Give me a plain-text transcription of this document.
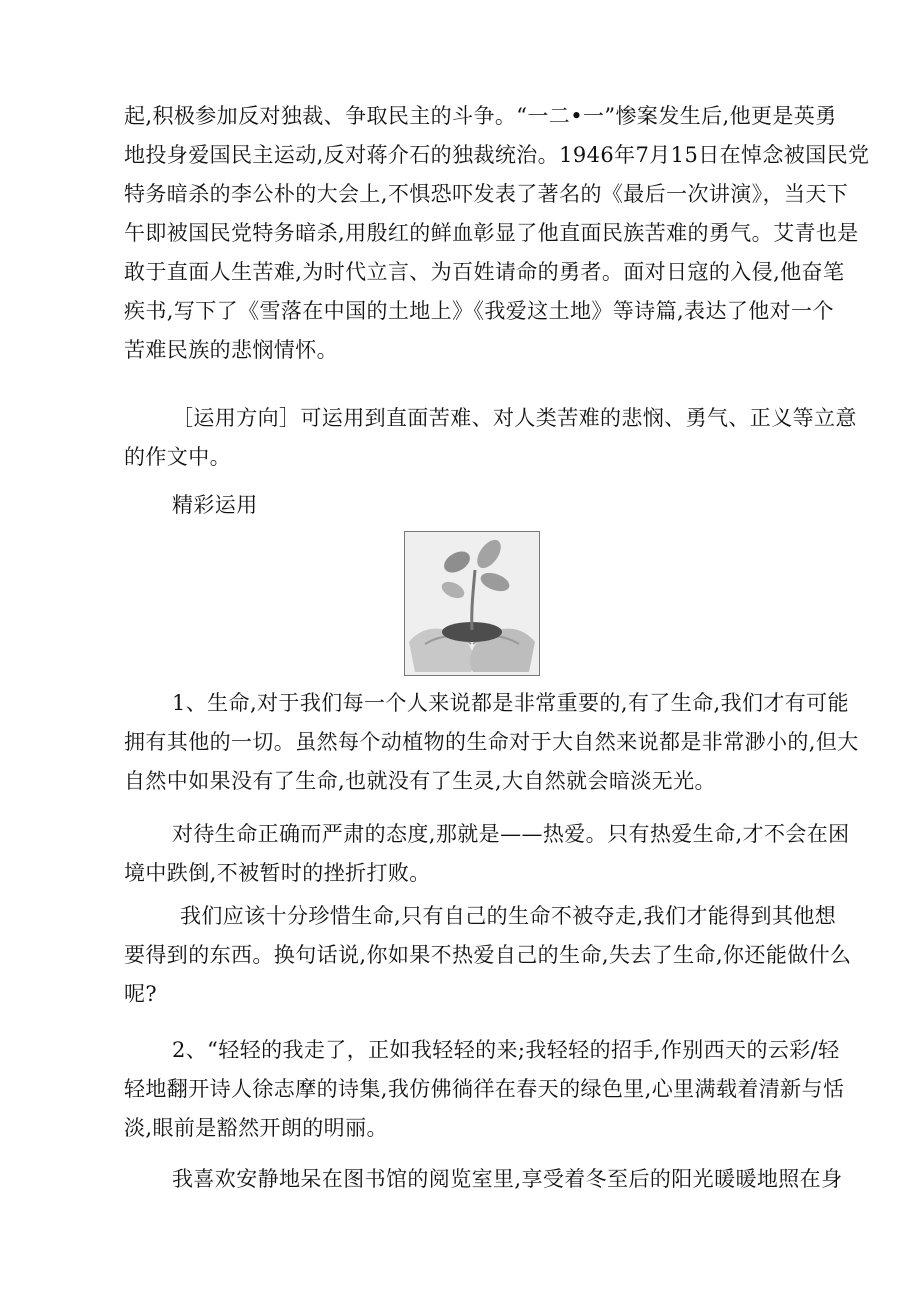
起,积极参加反对独裁、争取民主的斗争。“一二•一”惨案发生后,他更是英勇
地投身爱国民主运动,反对蒋介石的独裁统治。1946年7月15日在悼念被国民党
特务暗杀的李公朴的大会上,不惧恐吓发表了著名的《最后一次讲演》，当天下
午即被国民党特务暗杀,用殷红的鲜血彰显了他直面民族苦难的勇气。艾青也是
敢于直面人生苦难,为时代立言、为百姓请命的勇者。面对日寇的入侵,他奋笔
疾书,写下了《雪落在中国的土地上》《我爱这土地》等诗篇,表达了他对一个
苦难民族的悲悯情怀。
［运用方向］可运用到直面苦难、对人类苦难的悲悯、勇气、正义等立意
的作文中。
精彩运用
1、生命,对于我们每一个人来说都是非常重要的,有了生命,我们才有可能
拥有其他的一切。虽然每个动植物的生命对于大自然来说都是非常渺小的,但大
自然中如果没有了生命,也就没有了生灵,大自然就会暗淡无光。
对待生命正确而严肃的态度,那就是——热爱。只有热爱生命,才不会在困
境中跌倒,不被暂时的挫折打败。
我们应该十分珍惜生命,只有自己的生命不被夺走,我们才能得到其他想
要得到的东西。换句话说,你如果不热爱自己的生命,失去了生命,你还能做什么
呢?
2、“轻轻的我走了，正如我轻轻的来;我轻轻的招手,作别西天的云彩/轻
轻地翻开诗人徐志摩的诗集,我仿佛徜徉在春天的绿色里,心里满载着清新与恬
淡,眼前是豁然开朗的明丽。
我喜欢安静地呆在图书馆的阅览室里,享受着冬至后的阳光暖暖地照在身
